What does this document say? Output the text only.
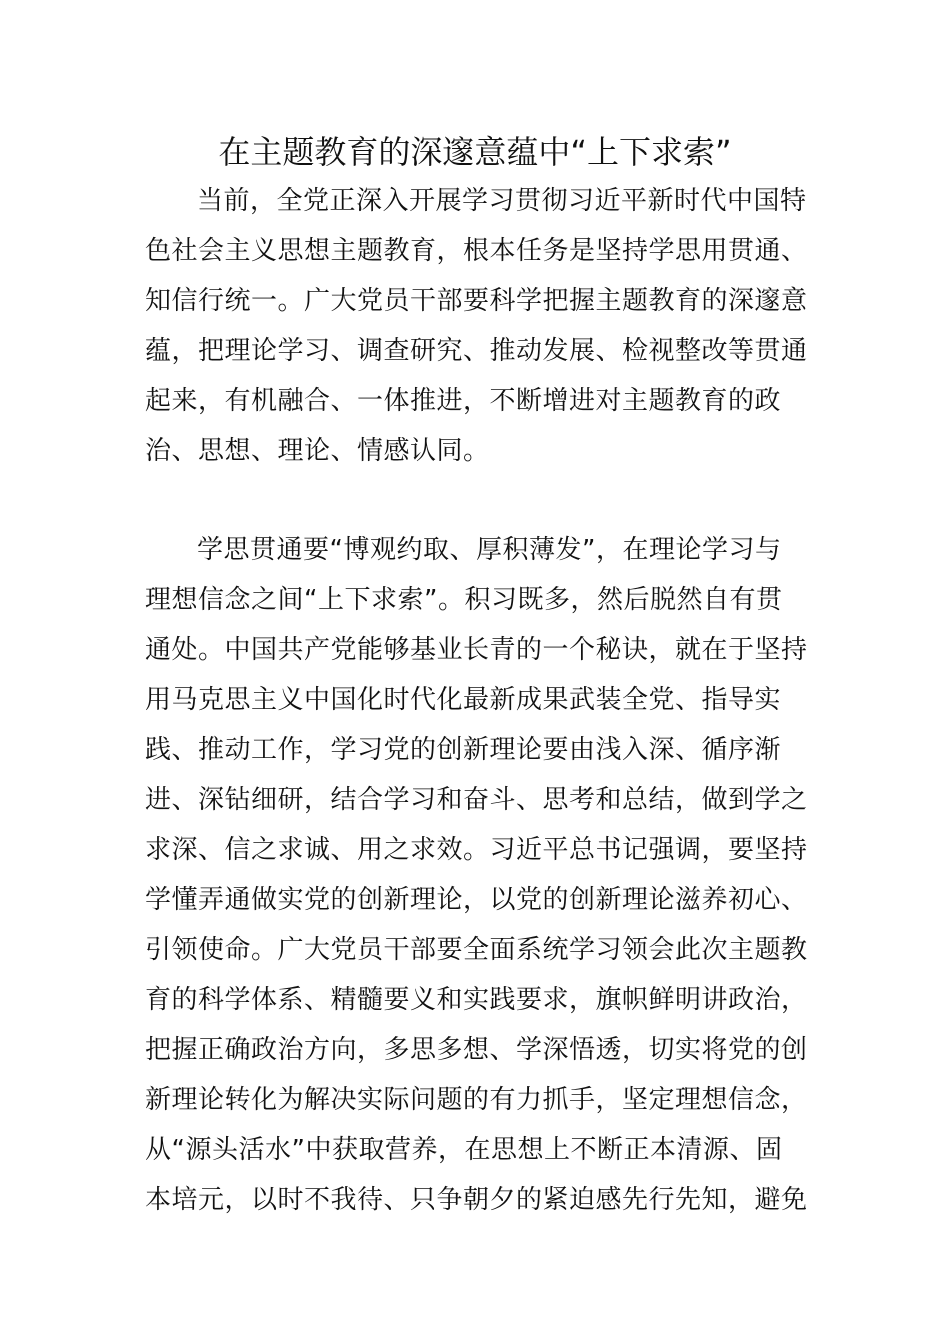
在主题教育的深邃意蕴中“上下求索”
当前，全党正深入开展学习贯彻习近平新时代中国特
色社会主义思想主题教育，根本任务是坚持学思用贯通、
知信行统一。广大党员干部要科学把握主题教育的深邃意
蕴，把理论学习、调查研究、推动发展、检视整改等贯通
起来，有机融合、一体推进，不断增进对主题教育的政
治、思想、理论、情感认同。
学思贯通要“博观约取、厚积薄发”，在理论学习与
理想信念之间“上下求索”。积习既多，然后脱然自有贯
通处。中国共产党能够基业长青的一个秘诀，就在于坚持
用马克思主义中国化时代化最新成果武装全党、指导实
践、推动工作，学习党的创新理论要由浅入深、循序渐
进、深钻细研，结合学习和奋斗、思考和总结，做到学之
求深、信之求诚、用之求效。习近平总书记强调，要坚持
学懂弄通做实党的创新理论，以党的创新理论滋养初心、
引领使命。广大党员干部要全面系统学习领会此次主题教
育的科学体系、精髓要义和实践要求，旗帜鲜明讲政治，
把握正确政治方向，多思多想、学深悟透，切实将党的创
新理论转化为解决实际问题的有力抓手，坚定理想信念，
从“源头活水”中获取营养，在思想上不断正本清源、固
本培元，以时不我待、只争朝夕的紧迫感先行先知，避免
